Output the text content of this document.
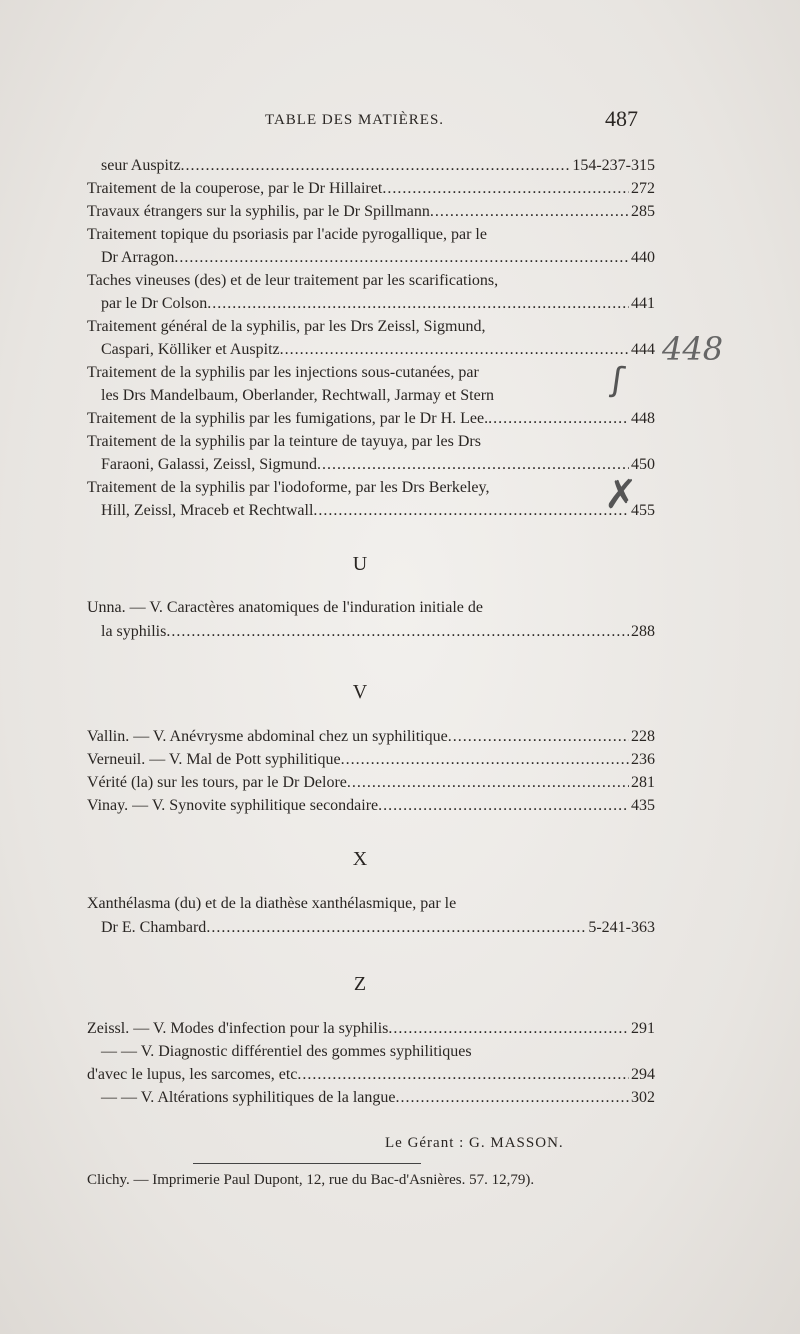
TABLE DES MATIÈRES.	487
seur Auspitz .....	154-237-315
Traitement de la couperose, par le Dr Hillairet .....	272
Travaux étrangers sur la syphilis, par le Dr Spillmann .....	285
Traitement topique du psoriasis par l'acide pyrogallique, par le
Dr Arragon .....	440
Taches vineuses (des) et de leur traitement par les scarifications,
par le Dr Colson .....	441
Traitement général de la syphilis, par les Drs Zeissl, Sigmund,
Caspari, Kölliker et Auspitz .....	444
Traitement de la syphilis par les injections sous-cutanées, par
les Drs Mandelbaum, Oberlander, Rechtwall, Jarmay et Stern
Traitement de la syphilis par les fumigations, par le Dr H. Lee. .....	448
Traitement de la syphilis par la teinture de tayuya, par les Drs
Faraoni, Galassi, Zeissl, Sigmund .....	450
Traitement de la syphilis par l'iodoforme, par les Drs Berkeley,
Hill, Zeissl, Mraceb et Rechtwall .....	455
U
Unna. — V. Caractères anatomiques de l'induration initiale de
la syphilis .....	288
V
Vallin. — V. Anévrysme abdominal chez un syphilitique .....	228
Verneuil. — V. Mal de Pott syphilitique .....	236
Vérité (la) sur les tours, par le Dr Delore .....	281
Vinay. — V. Synovite syphilitique secondaire .....	435
X
Xanthélasma (du) et de la diathèse xanthélasmique, par le
Dr E. Chambard .....	5-241-363
Z
Zeissl. — V. Modes d'infection pour la syphilis .....	291
— — V. Diagnostic différentiel des gommes syphilitiques
d'avec le lupus, les sarcomes, etc .....	294
— — V. Altérations syphilitiques de la langue .....	302
448
ʃ
✗
Le Gérant : G. MASSON.
Clichy. — Imprimerie Paul Dupont, 12, rue du Bac-d'Asnières. 57. 12,79).
